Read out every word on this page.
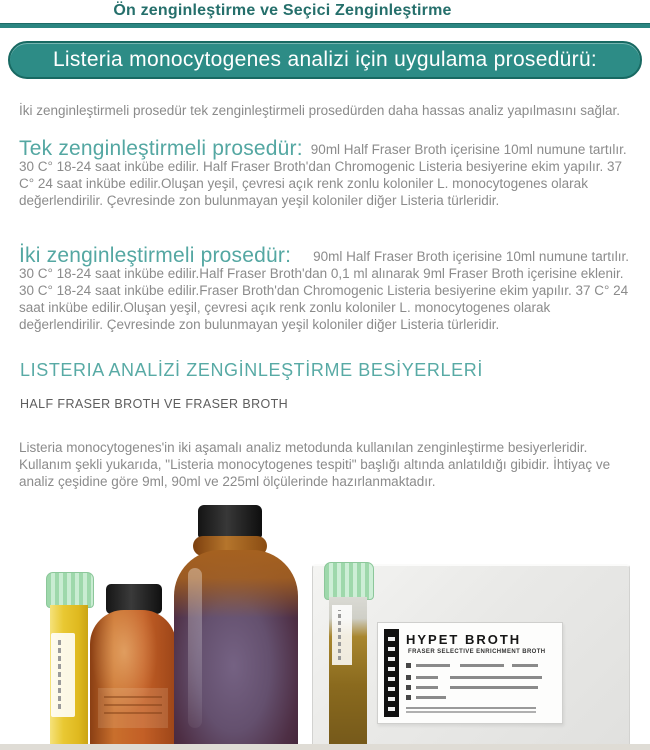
Ön zenginleştirme ve Seçici Zenginleştirme
Listeria monocytogenes analizi için uygulama prosedürü:

İki zenginleştirmeli prosedür tek zenginleştirmeli prosedürden daha hassas analiz yapılmasını sağlar.

Tek zenginleştirmeli prosedür: 90ml Half Fraser Broth içerisine 10ml numune tartılır. 30 C° 18-24 saat inkübe edilir. Half Fraser Broth'dan Chromogenic Listeria besiyerine ekim yapılır. 37 C° 24 saat inkübe edilir.Oluşan yeşil, çevresi açık renk zonlu koloniler L. monocytogenes olarak değerlendirilir. Çevresinde zon bulunmayan yeşil koloniler diğer Listeria türleridir.

İki zenginleştirmeli prosedür: 90ml Half Fraser Broth içerisine 10ml numune tartılır. 30 C° 18-24 saat inkübe edilir.Half Fraser Broth'dan 0,1 ml alınarak 9ml Fraser Broth içerisine eklenir. 30 C° 18-24 saat inkübe edilir.Fraser Broth'dan Chromogenic Listeria besiyerine ekim yapılır. 37 C° 24 saat inkübe edilir.Oluşan yeşil, çevresi açık renk zonlu koloniler L. monocytogenes olarak değerlendirilir. Çevresinde zon bulunmayan yeşil koloniler diğer Listeria türleridir.

LISTERIA ANALİZİ ZENGİNLEŞTİRME BESİYERLERİ
HALF FRASER BROTH VE FRASER BROTH

Listeria monocytogenes'in iki aşamalı analiz metodunda kullanılan zenginleştirme besiyerleridir. Kullanım şekli yukarıda, "Listeria monocytogenes tespiti" başlığı altında anlatıldığı gibidir. İhtiyaç ve analiz çeşidine göre 9ml, 90ml ve 225ml ölçülerinde hazırlanmaktadır.

HYPET BROTH
FRASER SELECTIVE ENRICHMENT BROTH
